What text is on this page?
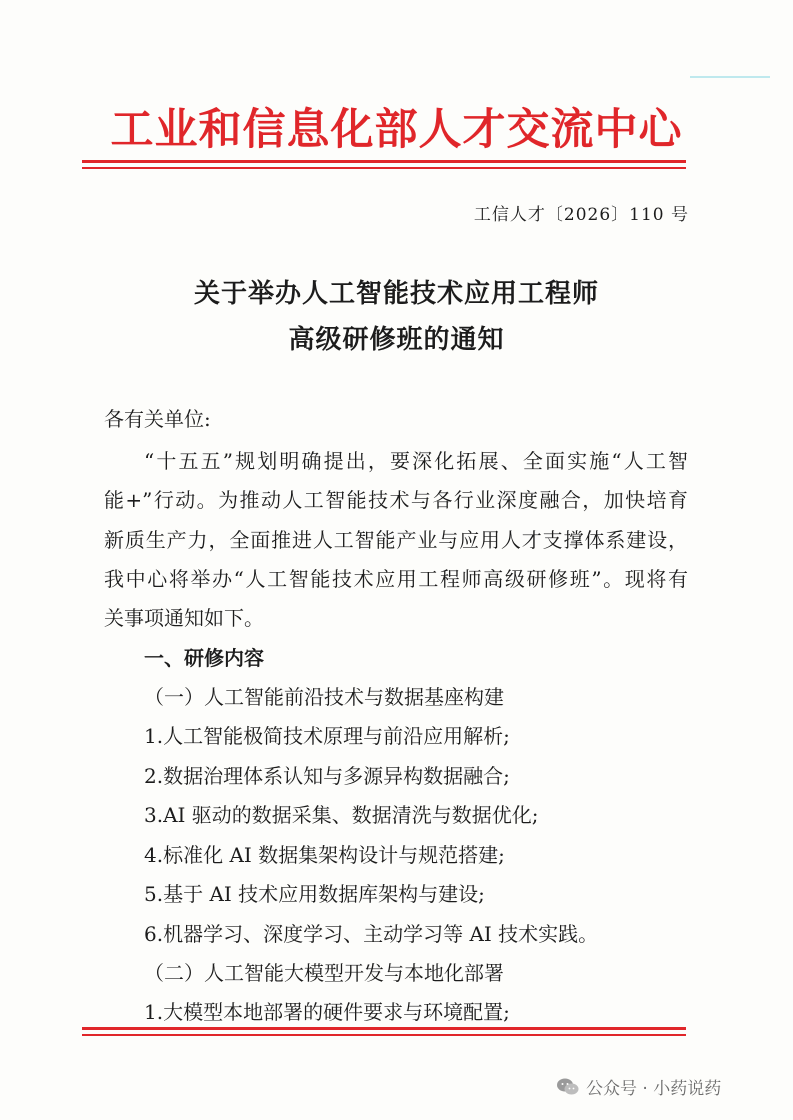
工业和信息化部人才交流中心
工信人才〔2026〕110 号
关于举办人工智能技术应用工程师
高级研修班的通知
各有关单位:
“十五五”规划明确提出，要深化拓展、全面实施“人工智
能+”行动。为推动人工智能技术与各行业深度融合，加快培育
新质生产力，全面推进人工智能产业与应用人才支撑体系建设，
我中心将举办“人工智能技术应用工程师高级研修班”。现将有
关事项通知如下。
一、研修内容
（一）人工智能前沿技术与数据基座构建
1.人工智能极简技术原理与前沿应用解析;
2.数据治理体系认知与多源异构数据融合;
3.AI 驱动的数据采集、数据清洗与数据优化;
4.标准化 AI 数据集架构设计与规范搭建;
5.基于 AI 技术应用数据库架构与建设;
6.机器学习、深度学习、主动学习等 AI 技术实践。
（二）人工智能大模型开发与本地化部署
1.大模型本地部署的硬件要求与环境配置;
公众号 · 小药说药
